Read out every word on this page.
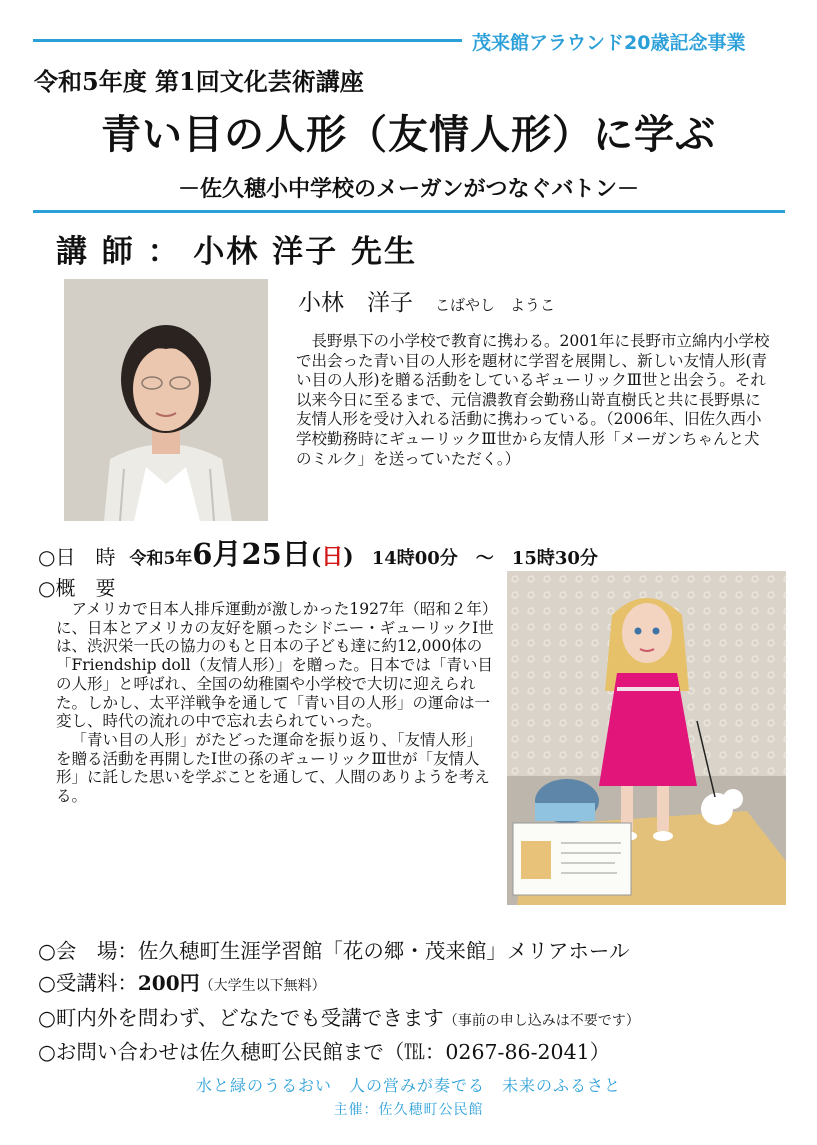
茂来館アラウンド20歳記念事業
令和5年度 第1回文化芸術講座
青い目の人形（友情人形）に学ぶ
－佐久穂小中学校のメーガンがつなぐバトン－
講 師 ： 小林 洋子 先生
小林　洋子 こばやし　ようこ
長野県下の小学校で教育に携わる。2001年に長野市立綿内小学校で出会った青い目の人形を題材に学習を展開し、新しい友情人形(青い目の人形)を贈る活動をしているギューリックⅢ世と出会う。それ以来今日に至るまで、元信濃教育会勤務山嵜直樹氏と共に長野県に友情人形を受け入れる活動に携わっている。（2006年、旧佐久西小学校勤務時にギューリックⅢ世から友情人形「メーガンちゃんと犬のミルク」を送っていただく。）
○日　時 令和5年 6月25日 (日) 14時00分　～　15時30分
○概　要

アメリカで日本人排斥運動が激しかった1927年（昭和２年）に、日本とアメリカの友好を願ったシドニー・ギューリックⅠ世は、渋沢栄一氏の協力のもと日本の子ども達に約12,000体の「Friendship doll（友情人形）」を贈った。日本では「青い目の人形」と呼ばれ、全国の幼稚園や小学校で大切に迎えられた。しかし、太平洋戦争を通して「青い目の人形」の運命は一変し、時代の流れの中で忘れ去られていった。

「青い目の人形」がたどった運命を振り返り、「友情人形」を贈る活動を再開したⅠ世の孫のギューリックⅢ世が「友情人形」に託した思いを学ぶことを通して、人間のありようを考える。

○会　場：佐久穂町生涯学習館「花の郷・茂来館」メリアホール
○受講料：200円（大学生以下無料）
○町内外を問わず、どなたでも受講できます（事前の申し込みは不要です）
○お問い合わせは佐久穂町公民館まで（℡：0267-86-2041）
水と緑のうるおい　人の営みが奏でる　未来のふるさと
主催：佐久穂町公民館
